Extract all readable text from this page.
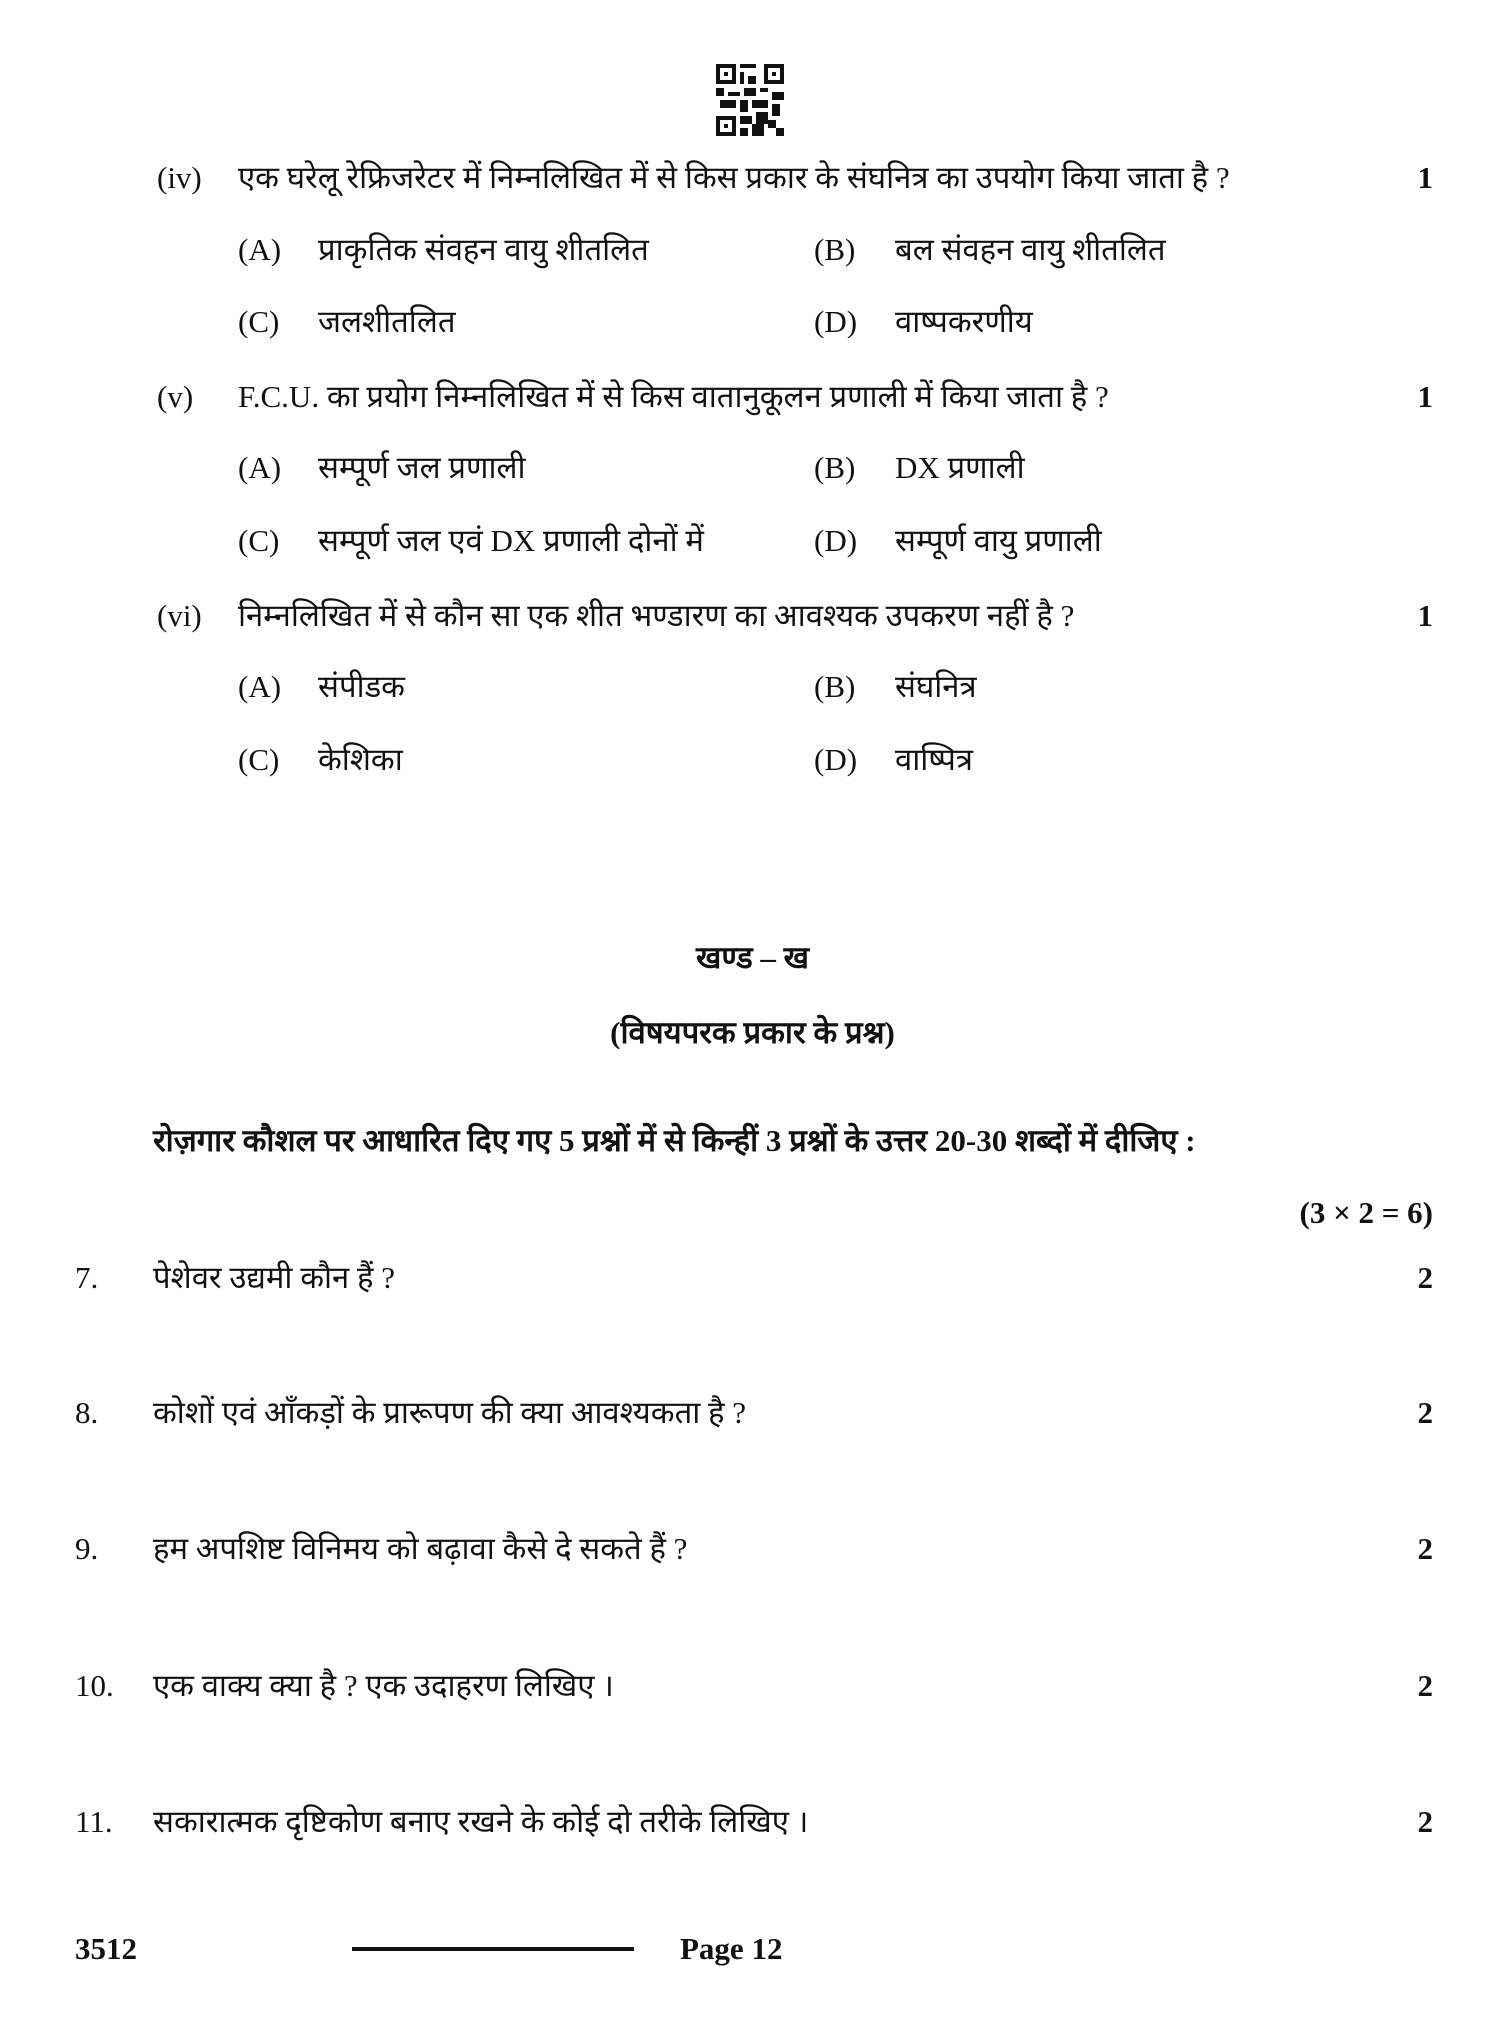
(iv) एक घरेलू रेफ्रिजरेटर में निम्नलिखित में से किस प्रकार के संघनित्र का उपयोग किया जाता है ?	1
(A) प्राकृतिक संवहन वायु शीतलित	(B) बल संवहन वायु शीतलित
(C) जलशीतलित	(D) वाष्पकरणीय
(v) F.C.U. का प्रयोग निम्नलिखित में से किस वातानुकूलन प्रणाली में किया जाता है ?	1
(A) सम्पूर्ण जल प्रणाली	(B) DX प्रणाली
(C) सम्पूर्ण जल एवं DX प्रणाली दोनों में	(D) सम्पूर्ण वायु प्रणाली
(vi) निम्नलिखित में से कौन सा एक शीत भण्डारण का आवश्यक उपकरण नहीं है ?	1
(A) संपीडक	(B) संघनित्र
(C) केशिका	(D) वाष्पित्र
खण्ड – ख
(विषयपरक प्रकार के प्रश्न)
रोज़गार कौशल पर आधारित दिए गए 5 प्रश्नों में से किन्हीं 3 प्रश्नों के उत्तर 20-30 शब्दों में दीजिए :
(3 × 2 = 6)
7. पेशेवर उद्यमी कौन हैं ?	2
8. कोशों एवं आँकड़ों के प्रारूपण की क्या आवश्यकता है ?	2
9. हम अपशिष्ट विनिमय को बढ़ावा कैसे दे सकते हैं ?	2
10. एक वाक्य क्या है ? एक उदाहरण लिखिए ।	2
11. सकारात्मक दृष्टिकोण बनाए रखने के कोई दो तरीके लिखिए ।	2
3512	Page 12
